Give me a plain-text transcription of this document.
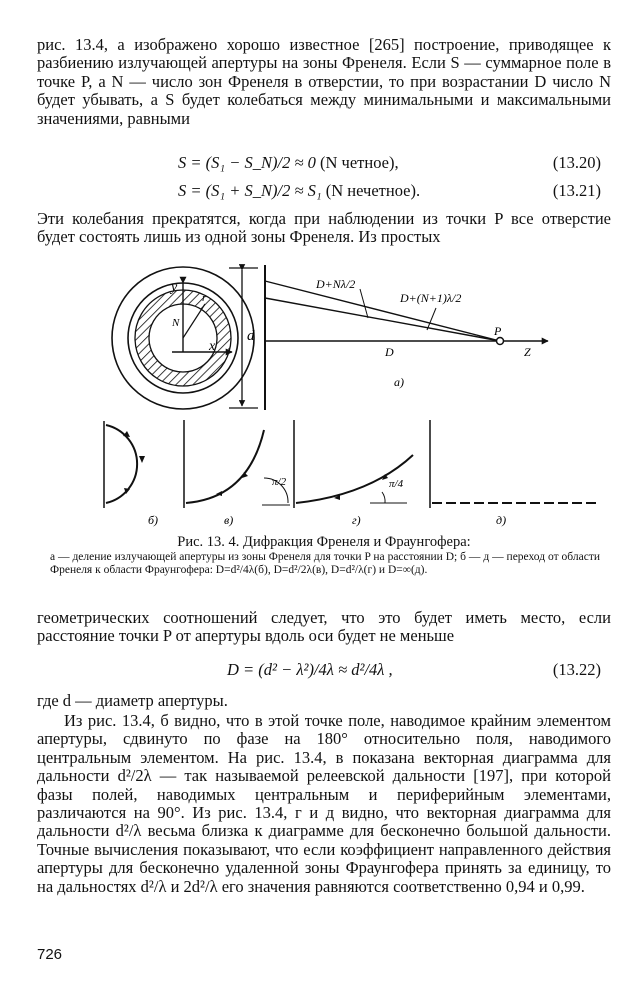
рис. 13.4, а изображено хорошо известное [265] построение, приводящее к разбиению излучающей апертуры на зоны Френеля. Если S — суммарное поле в точке P, а N — число зон Френеля в отверстии, то при возрастании D число N будет убывать, а S будет колебаться между минимальными и максимальными значениями, равными

S = (S₁ − S_N)/2 ≈ 0 (N четное),	(13.20)
S = (S₁ + S_N)/2 ≈ S₁ (N нечетное).	(13.21)

Эти колебания прекратятся, когда при наблюдении из точки P все отверстие будет состоять лишь из одной зоны Френеля. Из простых

y
x
r
N
d
D+Nλ/2
D+(N+1)λ/2
P
Z
D
а)
π/2	π/4
б)	в)	г)	д)
Рис. 13. 4. Дифракция Френеля и Фраунгофера:

а — деление излучающей апертуры из зоны Френеля для точки P на расстоянии D; б — д — переход от области Френеля к области Фраунгофера: D=d²/4λ(б), D=d²/2λ(в), D=d²/λ(г) и D=∞(д).

геометрических соотношений следует, что это будет иметь место, если расстояние точки P от апертуры вдоль оси будет не меньше

D = (d² − λ²)/4λ ≈ d²/4λ ,	(13.22)

где d — диаметр апертуры.

Из рис. 13.4, б видно, что в этой точке поле, наводимое крайним элементом апертуры, сдвинуто по фазе на 180° относительно поля, наводимого центральным элементом. На рис. 13.4, в показана векторная диаграмма для дальности d²/2λ — так называемой релеевской дальности [197], при которой фазы полей, наводимых центральным и периферийным элементами, различаются на 90°. Из рис. 13.4, г и д видно, что векторная диаграмма для дальности d²/λ весьма близка к диаграмме для бесконечно большой дальности. Точные вычисления показывают, что если коэффициент направленного действия апертуры для бесконечно удаленной зоны Фраунгофера принять за единицу, то на дальностях d²/λ и 2d²/λ его значения равняются соответственно 0,94 и 0,99.

726
